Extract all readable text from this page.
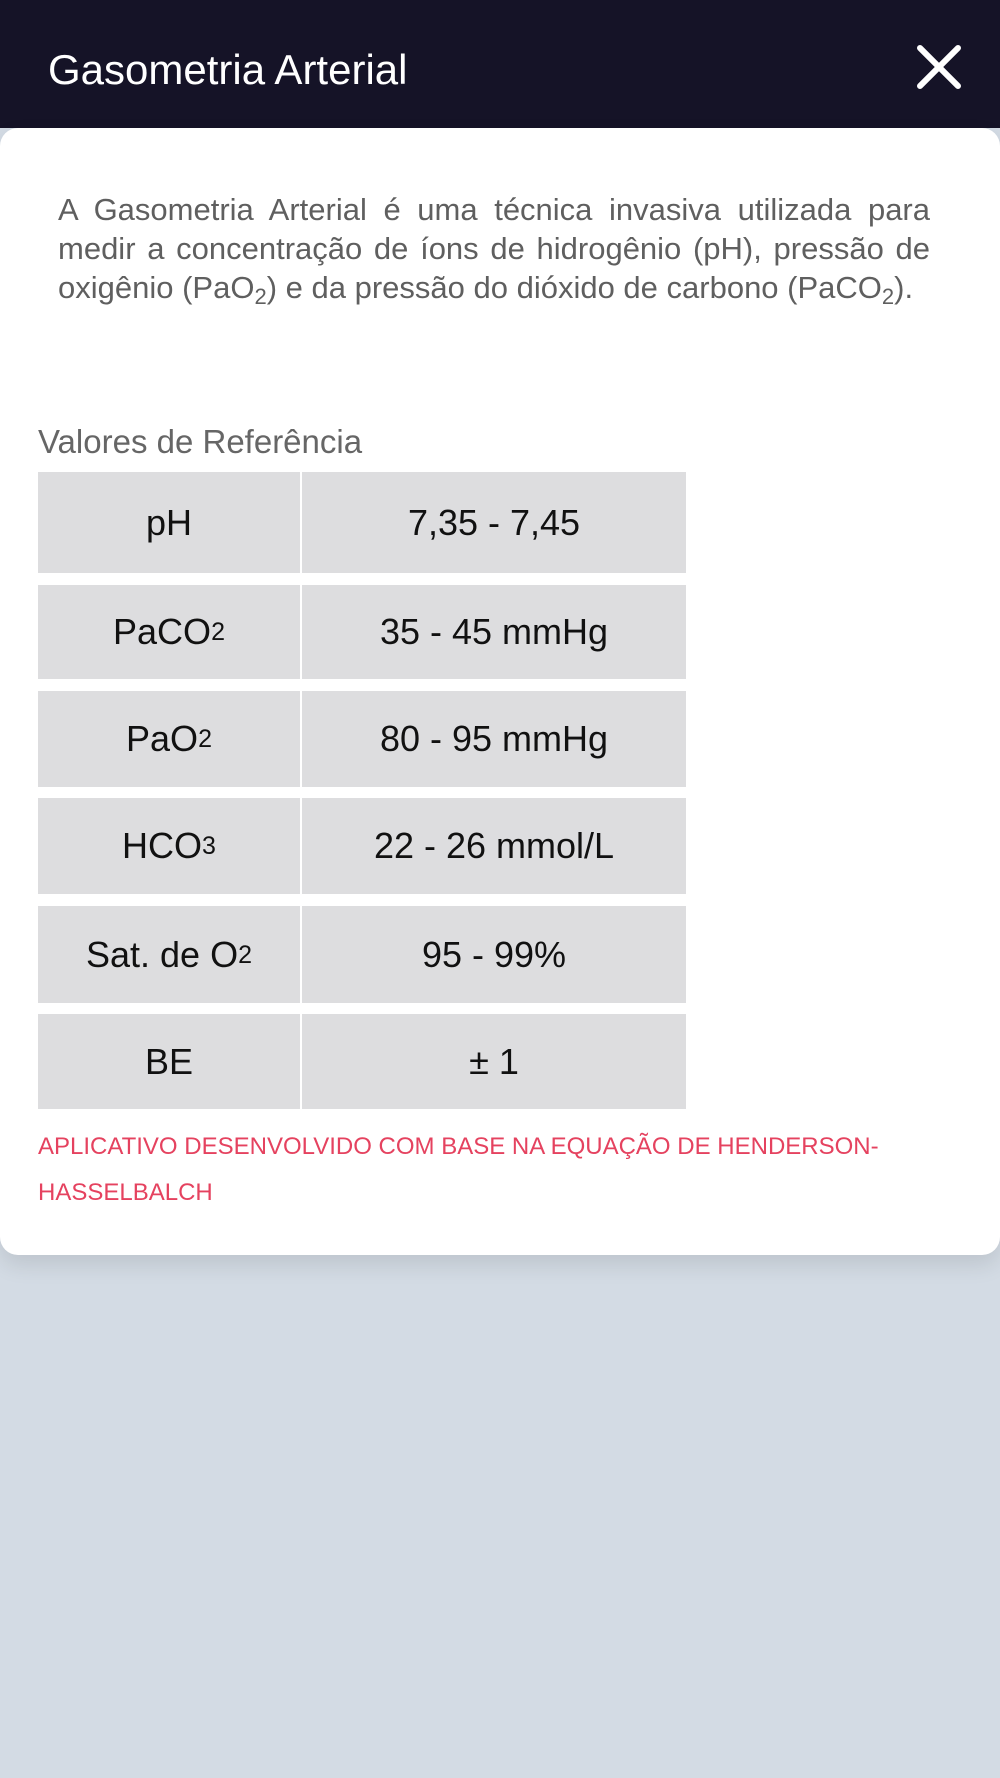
Gasometria Arterial

A Gasometria Arterial é uma técnica invasiva utilizada para medir a concentração de íons de hidrogênio (pH), pressão de oxigênio (PaO$_2$) e da pressão do dióxido de carbono (PaCO$_2$).

Valores de Referência
pH	7,35 - 7,45
PaCO 2	35 - 45 mmHg
PaO 2	80 - 95 mmHg
HCO 3	22 - 26 mmol/L
Sat. de O 2	95 - 99%
BE	± 1

APLICATIVO DESENVOLVIDO COM BASE NA EQUAÇÃO DE HENDERSON-HASSELBALCH
